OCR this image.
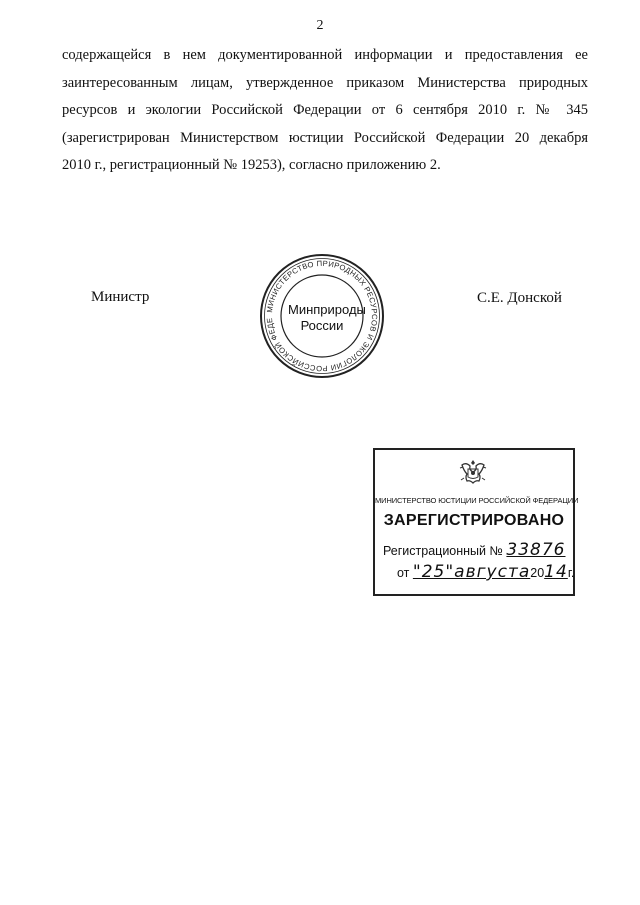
2
содержащейся в нем документированной информации и предоставления ее
заинтересованным лицам, утвержденное приказом Министерства природных
ресурсов и экологии Российской Федерации от 6 сентября 2010 г. № 345
(зарегистрирован Министерством юстиции Российской Федерации 20 декабря
2010 г., регистрационный № 19253), согласно приложению 2.
Министр	С.Е. Донской
МИНИСТЕРСТВО ПРИРОДНЫХ РЕСУРСОВ И ЭКОЛОГИИ РОССИЙСКОЙ ФЕДЕ
Минприроды
России
МИНИСТЕРСТВО ЮСТИЦИИ РОССИЙСКОЙ ФЕДЕРАЦИИ
ЗАРЕГИСТРИРОВАНО
Регистрационный № 33876
от "25"августа2014г.
